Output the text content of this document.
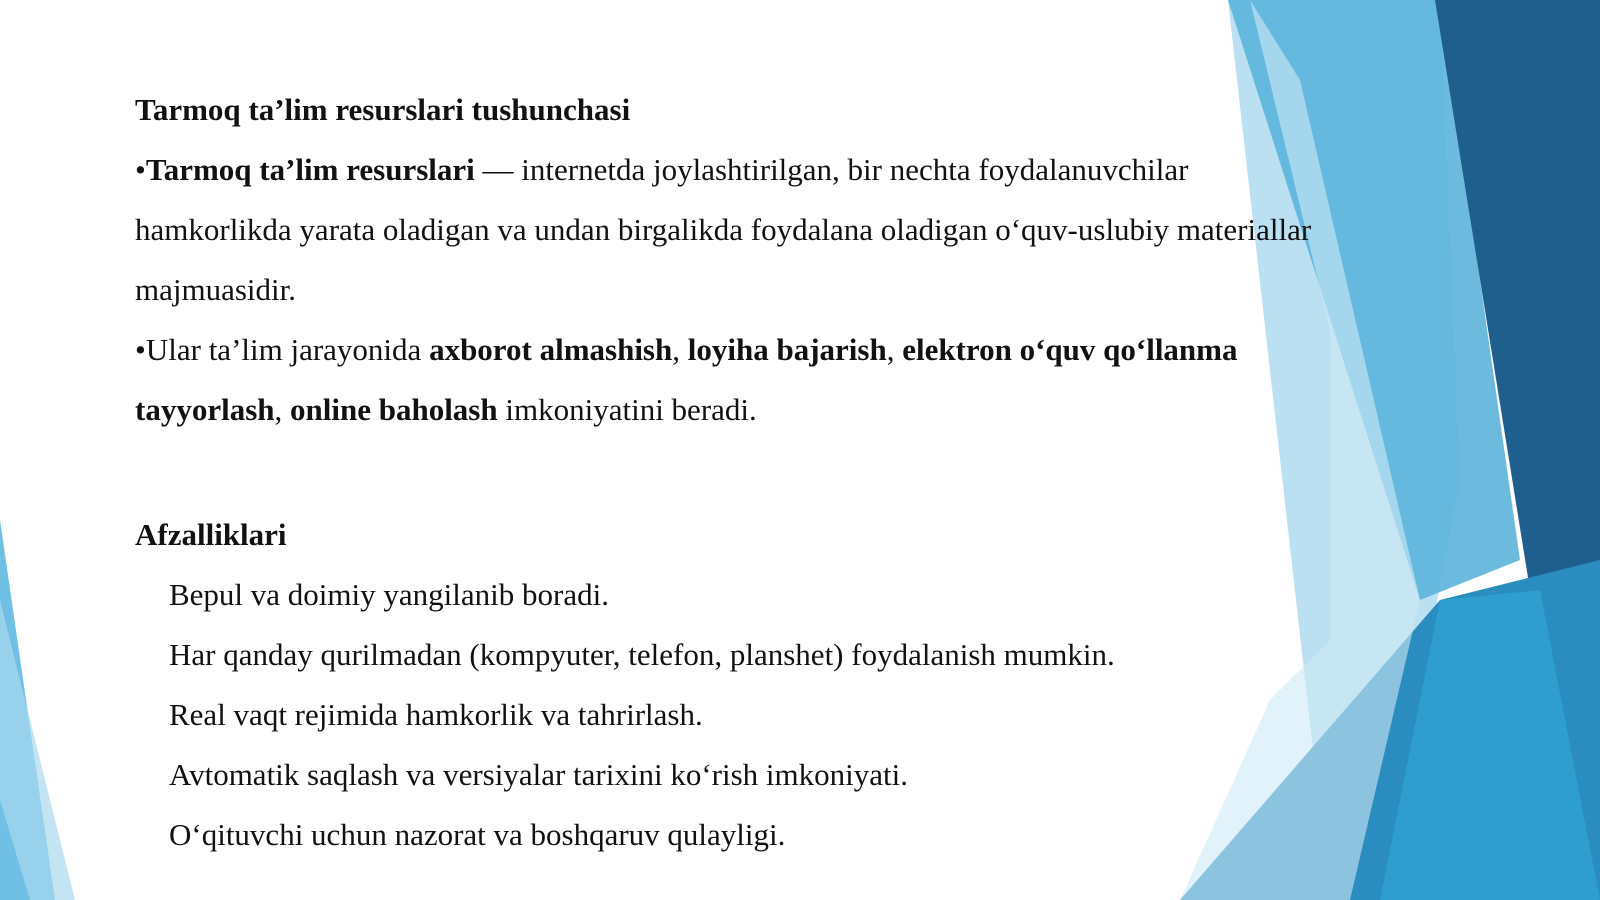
Tarmoq ta’lim resurslari tushunchasi

•Tarmoq ta’lim resurslari — internetda joylashtirilgan, bir nechta foydalanuvchilar hamkorlikda yarata oladigan va undan birgalikda foydalana oladigan o‘quv-uslubiy materiallar majmuasidir.

•Ular ta’lim jarayonida axborot almashish, loyiha bajarish, elektron o‘quv qo‘llanma tayyorlash, online baholash imkoniyatini beradi.

Afzalliklari

Bepul va doimiy yangilanib boradi.
Har qanday qurilmadan (kompyuter, telefon, planshet) foydalanish mumkin.
Real vaqt rejimida hamkorlik va tahrirlash.
Avtomatik saqlash va versiyalar tarixini ko‘rish imkoniyati.
O‘qituvchi uchun nazorat va boshqaruv qulayligi.
